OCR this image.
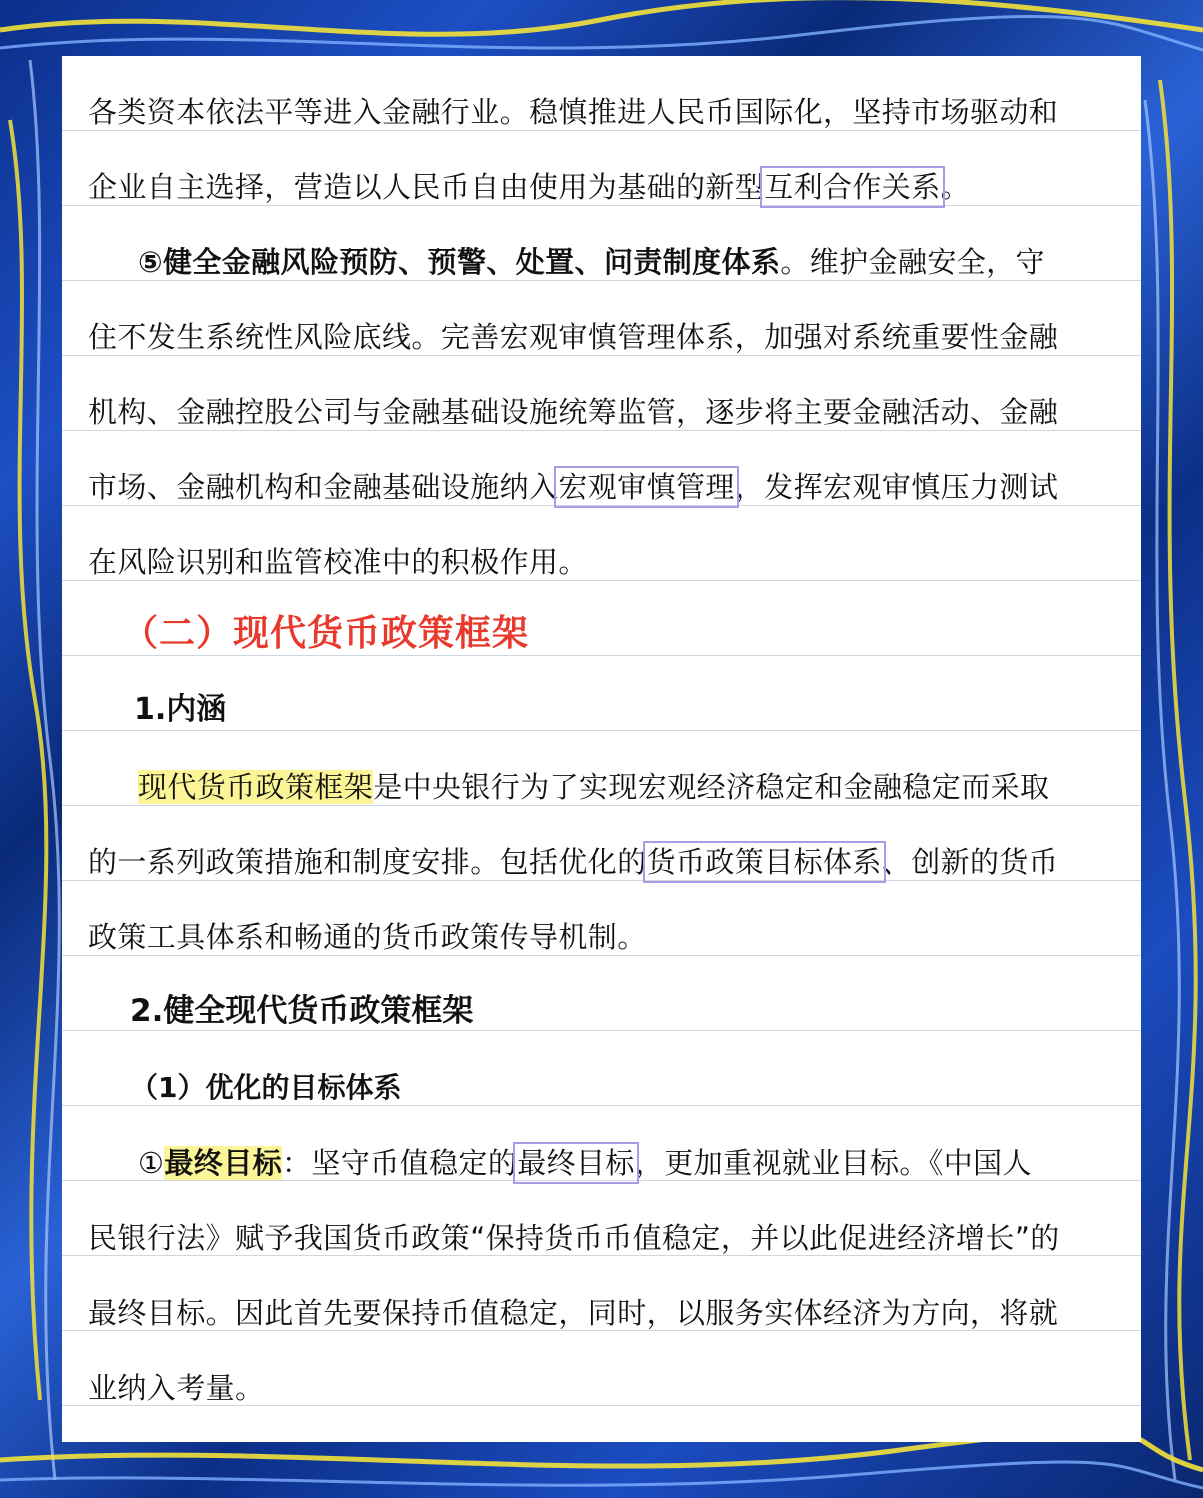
各类资本依法平等进入金融行业。稳慎推进人民币国际化，坚持市场驱动和
企业自主选择，营造以人民币自由使用为基础的新型互利合作关系。
⑤健全金融风险预防、预警、处置、问责制度体系。维护金融安全，守
住不发生系统性风险底线。完善宏观审慎管理体系，加强对系统重要性金融
机构、金融控股公司与金融基础设施统筹监管，逐步将主要金融活动、金融
市场、金融机构和金融基础设施纳入宏观审慎管理，发挥宏观审慎压力测试
在风险识别和监管校准中的积极作用。
（二）现代货币政策框架
1.内涵
现代货币政策框架是中央银行为了实现宏观经济稳定和金融稳定而采取
的一系列政策措施和制度安排。包括优化的货币政策目标体系、创新的货币
政策工具体系和畅通的货币政策传导机制。
2.健全现代货币政策框架
（1）优化的目标体系
①最终目标：坚守币值稳定的最终目标，更加重视就业目标。《中国人
民银行法》赋予我国货币政策“保持货币币值稳定，并以此促进经济增长”的
最终目标。因此首先要保持币值稳定，同时，以服务实体经济为方向，将就
业纳入考量。
